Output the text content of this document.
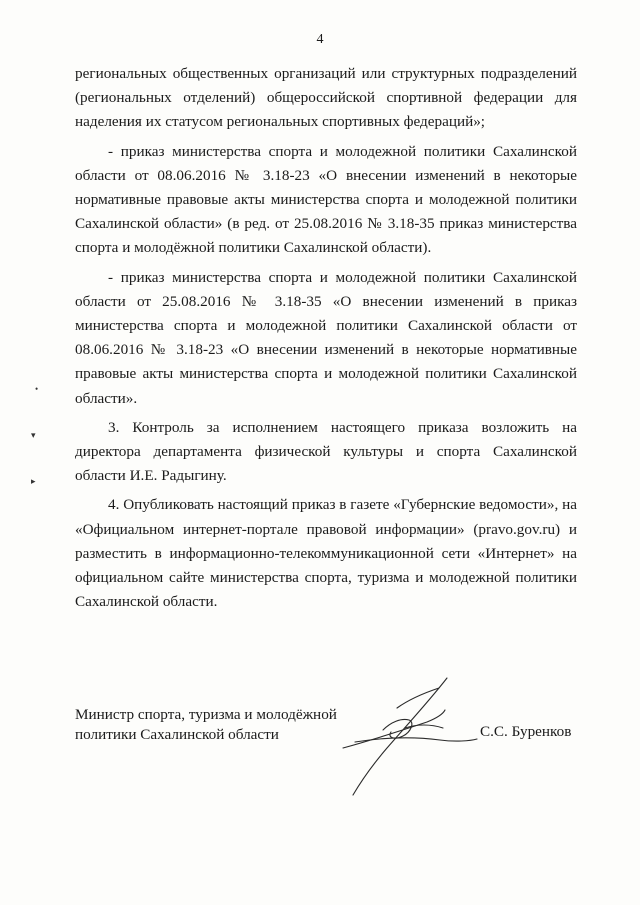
4

региональных общественных организаций или структурных подразделений (региональных отделений) общероссийской спортивной федерации для наделения их статусом региональных спортивных федераций»;

- приказ министерства спорта и молодежной политики Сахалинской области от 08.06.2016 № 3.18-23 «О внесении изменений в некоторые нормативные правовые акты министерства спорта и молодежной политики Сахалинской области» (в ред. от 25.08.2016 № 3.18-35 приказ министерства спорта и молодёжной политики Сахалинской области).

- приказ министерства спорта и молодежной политики Сахалинской области от 25.08.2016 № 3.18-35 «О внесении изменений в приказ министерства спорта и молодежной политики Сахалинской области от 08.06.2016 № 3.18-23 «О внесении изменений в некоторые нормативные правовые акты министерства спорта и молодежной политики Сахалинской области».

3. Контроль за исполнением настоящего приказа возложить на директора департамента физической культуры и спорта Сахалинской области И.Е. Радыгину.

4. Опубликовать настоящий приказ в газете «Губернские ведомости», на «Официальном интернет-портале правовой информации» (pravo.gov.ru) и разместить в информационно-телекоммуникационной сети «Интернет» на официальном сайте министерства спорта, туризма и молодежной политики Сахалинской области.

Министр спорта, туризма и молодёжной
политики Сахалинской области	С.С. Буренков
•
▾
▸
